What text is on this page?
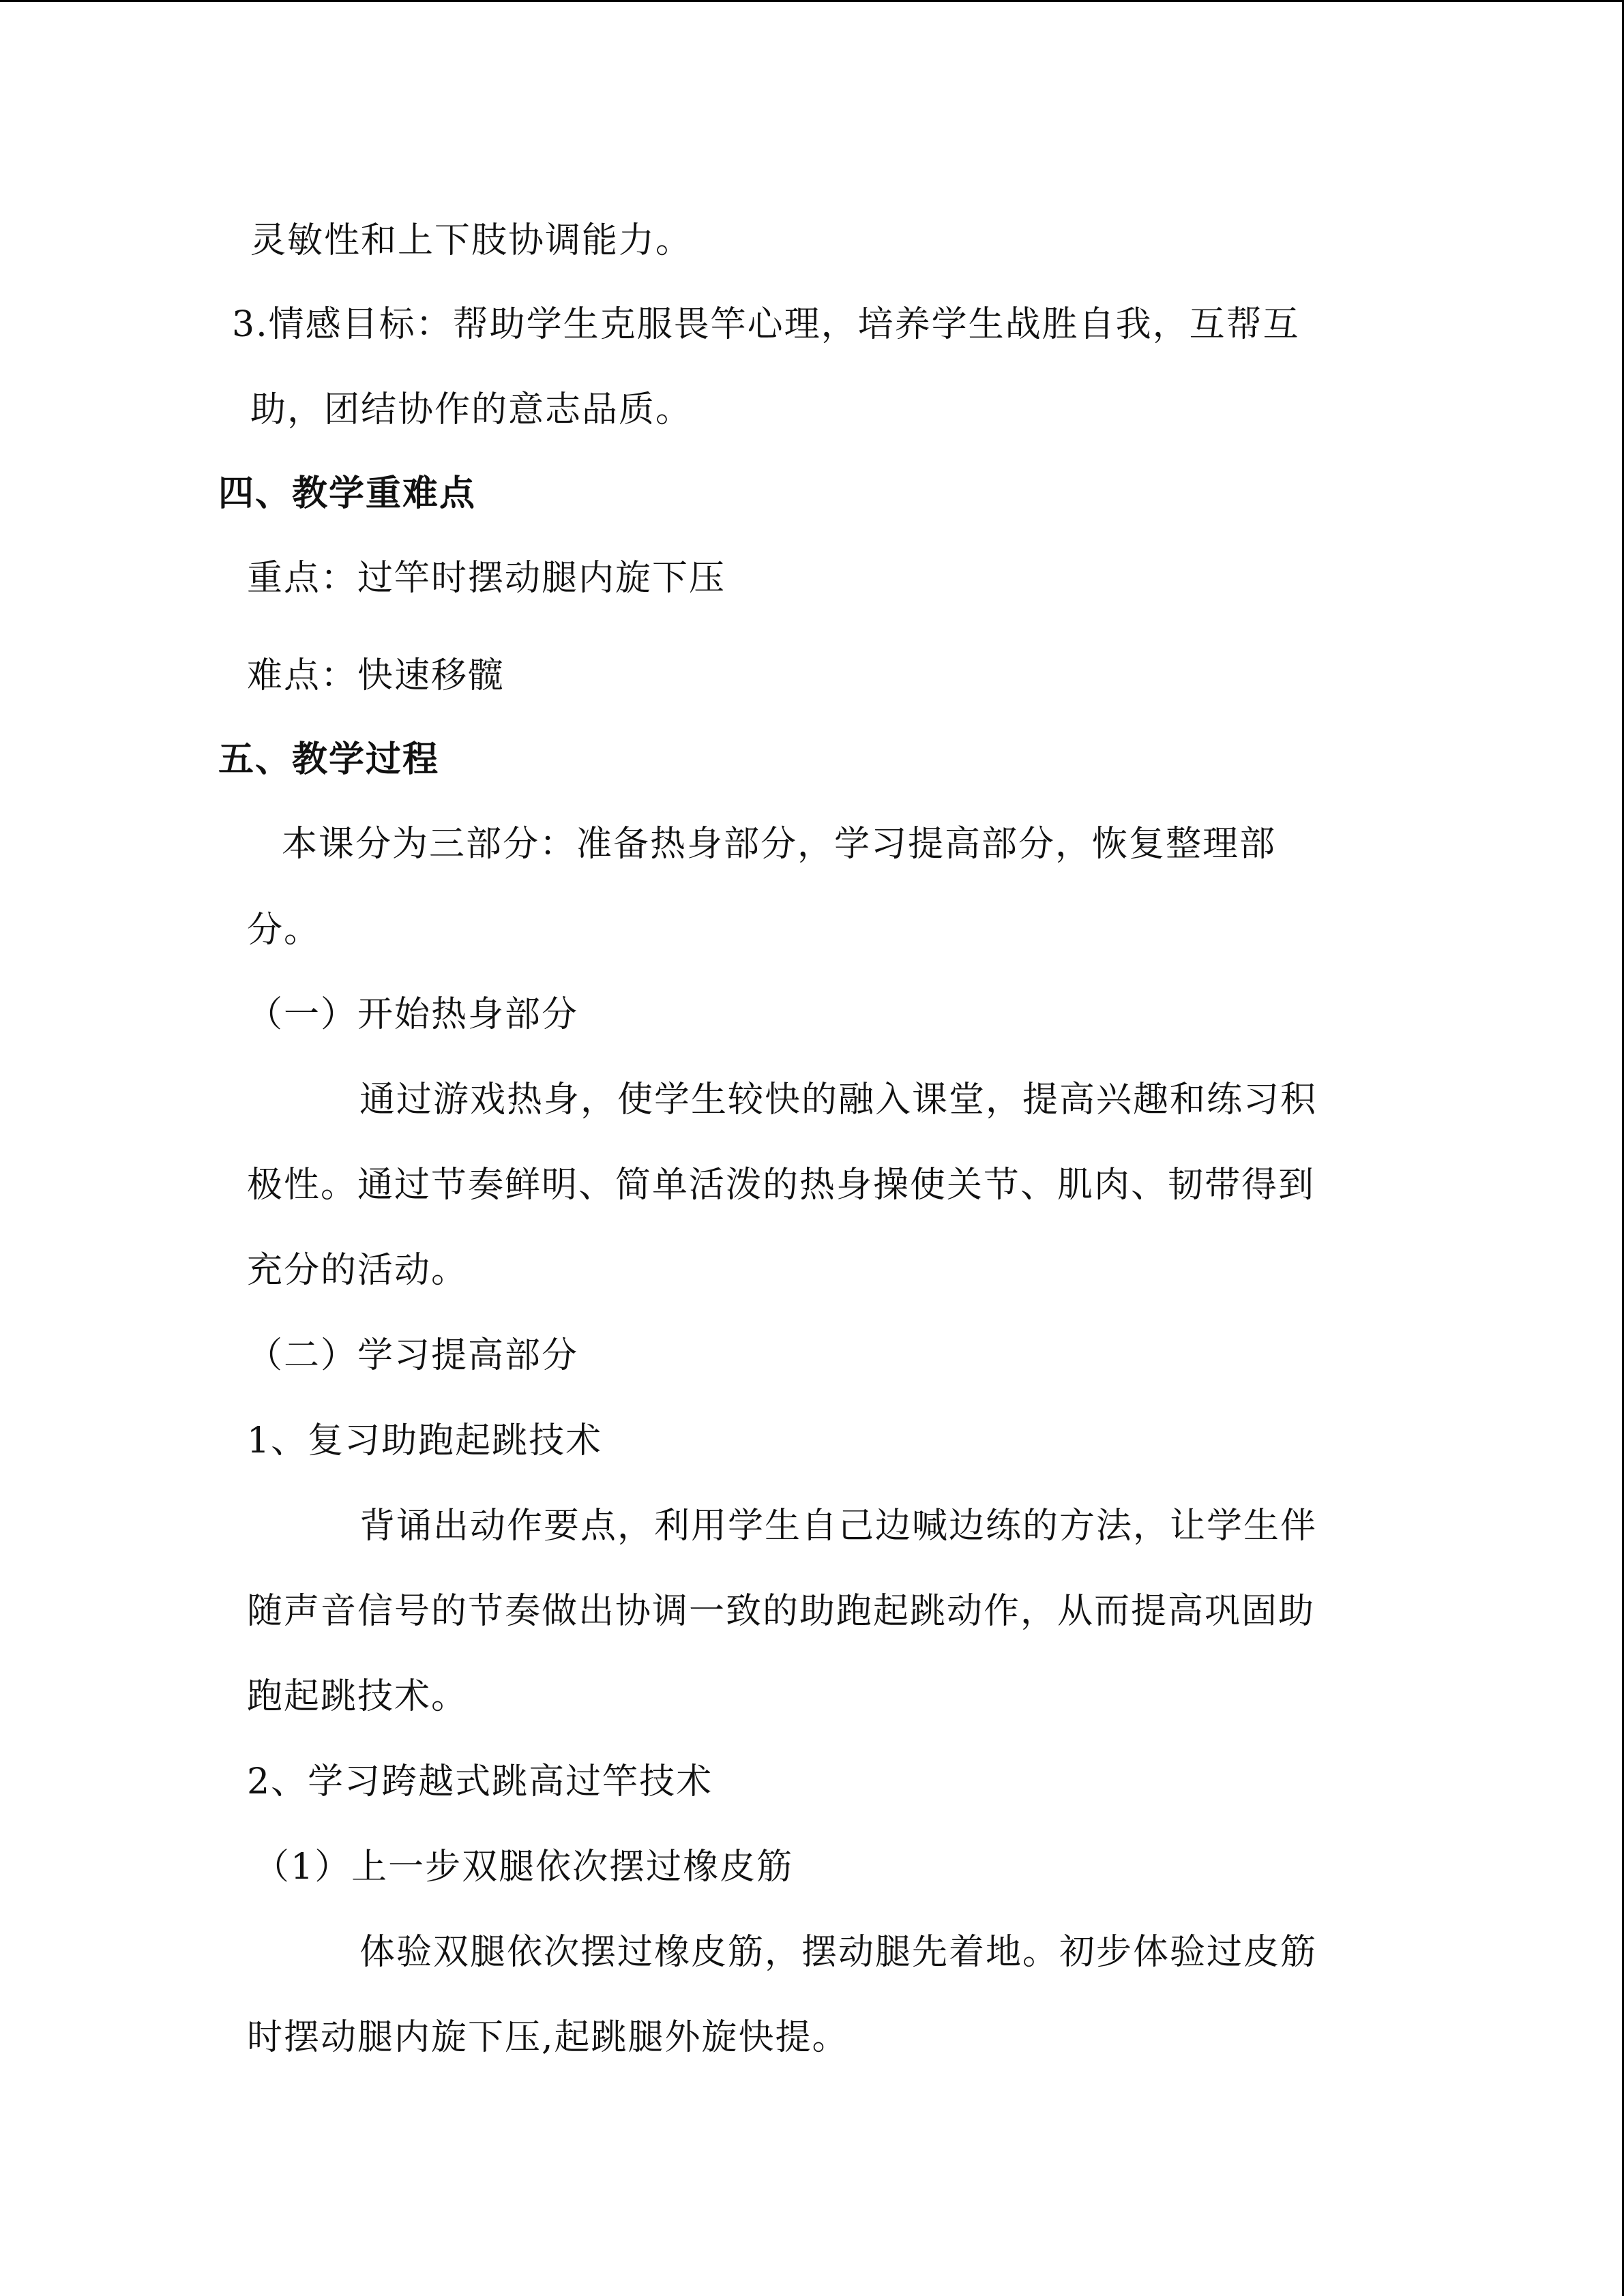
灵敏性和上下肢协调能力。
3.情感目标：帮助学生克服畏竿心理，培养学生战胜自我，互帮互
助，团结协作的意志品质。
四、教学重难点
重点：过竿时摆动腿内旋下压
难点：快速移髋
五、教学过程
本课分为三部分：准备热身部分，学习提高部分，恢复整理部
分。
（一）开始热身部分
通过游戏热身，使学生较快的融入课堂，提高兴趣和练习积
极性。通过节奏鲜明、简单活泼的热身操使关节、肌肉、韧带得到
充分的活动。
（二）学习提高部分
1、复习助跑起跳技术
背诵出动作要点，利用学生自己边喊边练的方法，让学生伴
随声音信号的节奏做出协调一致的助跑起跳动作，从而提高巩固助
跑起跳技术。
2、学习跨越式跳高过竿技术
（1）上一步双腿依次摆过橡皮筋
体验双腿依次摆过橡皮筋，摆动腿先着地。初步体验过皮筋
时摆动腿内旋下压,起跳腿外旋快提。
